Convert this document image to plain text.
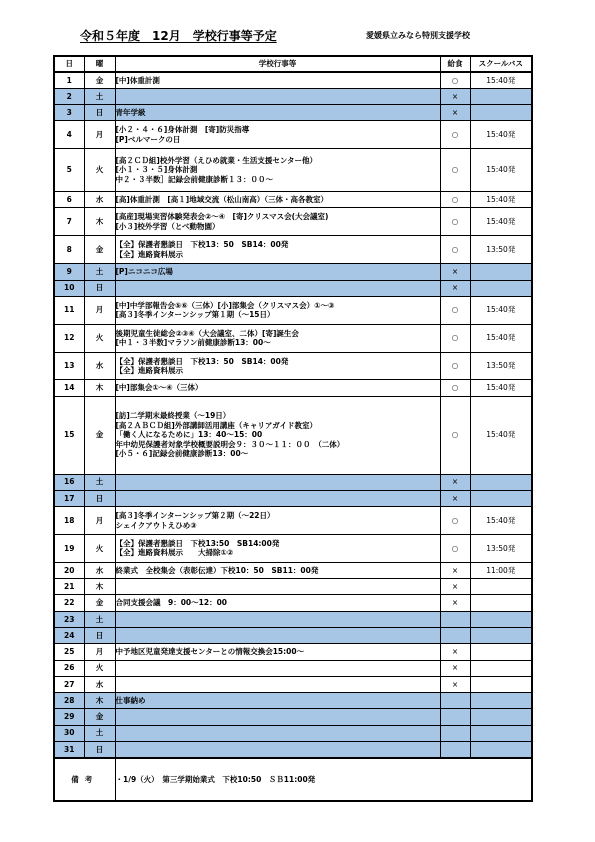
令和５年度　12月　学校行事等予定	愛媛県立みなら特別支援学校
日	曜	学校行事等	給食	スクールバス
1	金	[中]体重計測	○	15:40発
2	土		×	
3	日	青年学級	×	
4	月	[小２・４・６]身体計測　[寄]防災指導
[P]ベルマークの日	○	15:40発
5	火	[高２ＣＤ組]校外学習（えひめ就業・生活支援センター他）
[小１・３・５]身体計測
中２・３半数］記録会前健康診断１３：００～	○	15:40発
6	水	[高]体重計測　[高１]地域交流（松山南高）（三体・高各教室）	○	15:40発
7	木	[高産]現場実習体験発表会②～④　[寄]クリスマス会(大会議室)
[小３]校外学習（とべ動物園）	○	15:40発
8	金	【全】保護者懇談日　下校13：50　SB14：00発
【全】進路資料展示	○	13:50発
9	土	[P]ニコニコ広場	×	
10	日		×	
11	月	[中]中学部報告会⑤⑥（三体）[小]部集会（クリスマス会）①～③
[高３]冬季インターンシップ第１期（～15日）	○	15:40発
12	火	後期児童生徒総会②③④（大会議室、二体）[寄]誕生会
[中１・３半数]マラソン前健康診断13：00～	○	15:40発
13	水	【全】保護者懇談日　下校13：50　SB14：00発
【全】進路資料展示	○	13:50発
14	木	[中]部集会①～④（三体）	○	15:40発
15	金	[訪]二学期末最終授業（～19日）
[高２ＡＢＣＤ組]外部講師活用講座（キャリアガイド教室）
「働く人になるために」13：40～15：00
年中幼児保護者対象学校概要説明会９：３０～１１：００　（二体）
[小５・６]記録会前健康診断13：00～	○	15:40発
16	土		×	
17	日		×	
18	月	[高３]冬季インターンシップ第２期（～22日）
シェイクアウトえひめ③	○	15:40発
19	火	【全】保護者懇談日　下校13:50　SB14:00発
【全】進路資料展示　　大掃除①②	○	13:50発
20	水	終業式　全校集会（表彰伝達）下校10：50　SB11：00発	×	11:00発
21	木		×	
22	金	合同支援会議　9：00～12：00	×	
23	土			
24	日			
25	月	中予地区児童発達支援センターとの情報交換会15:00～	×	
26	火		×	
27	水		×	
28	木	仕事納め		

29	金			
30	土			
31	日			
備考		・1/9（火）　第三学期始業式　下校10:50　ＳＢ11:00発		
